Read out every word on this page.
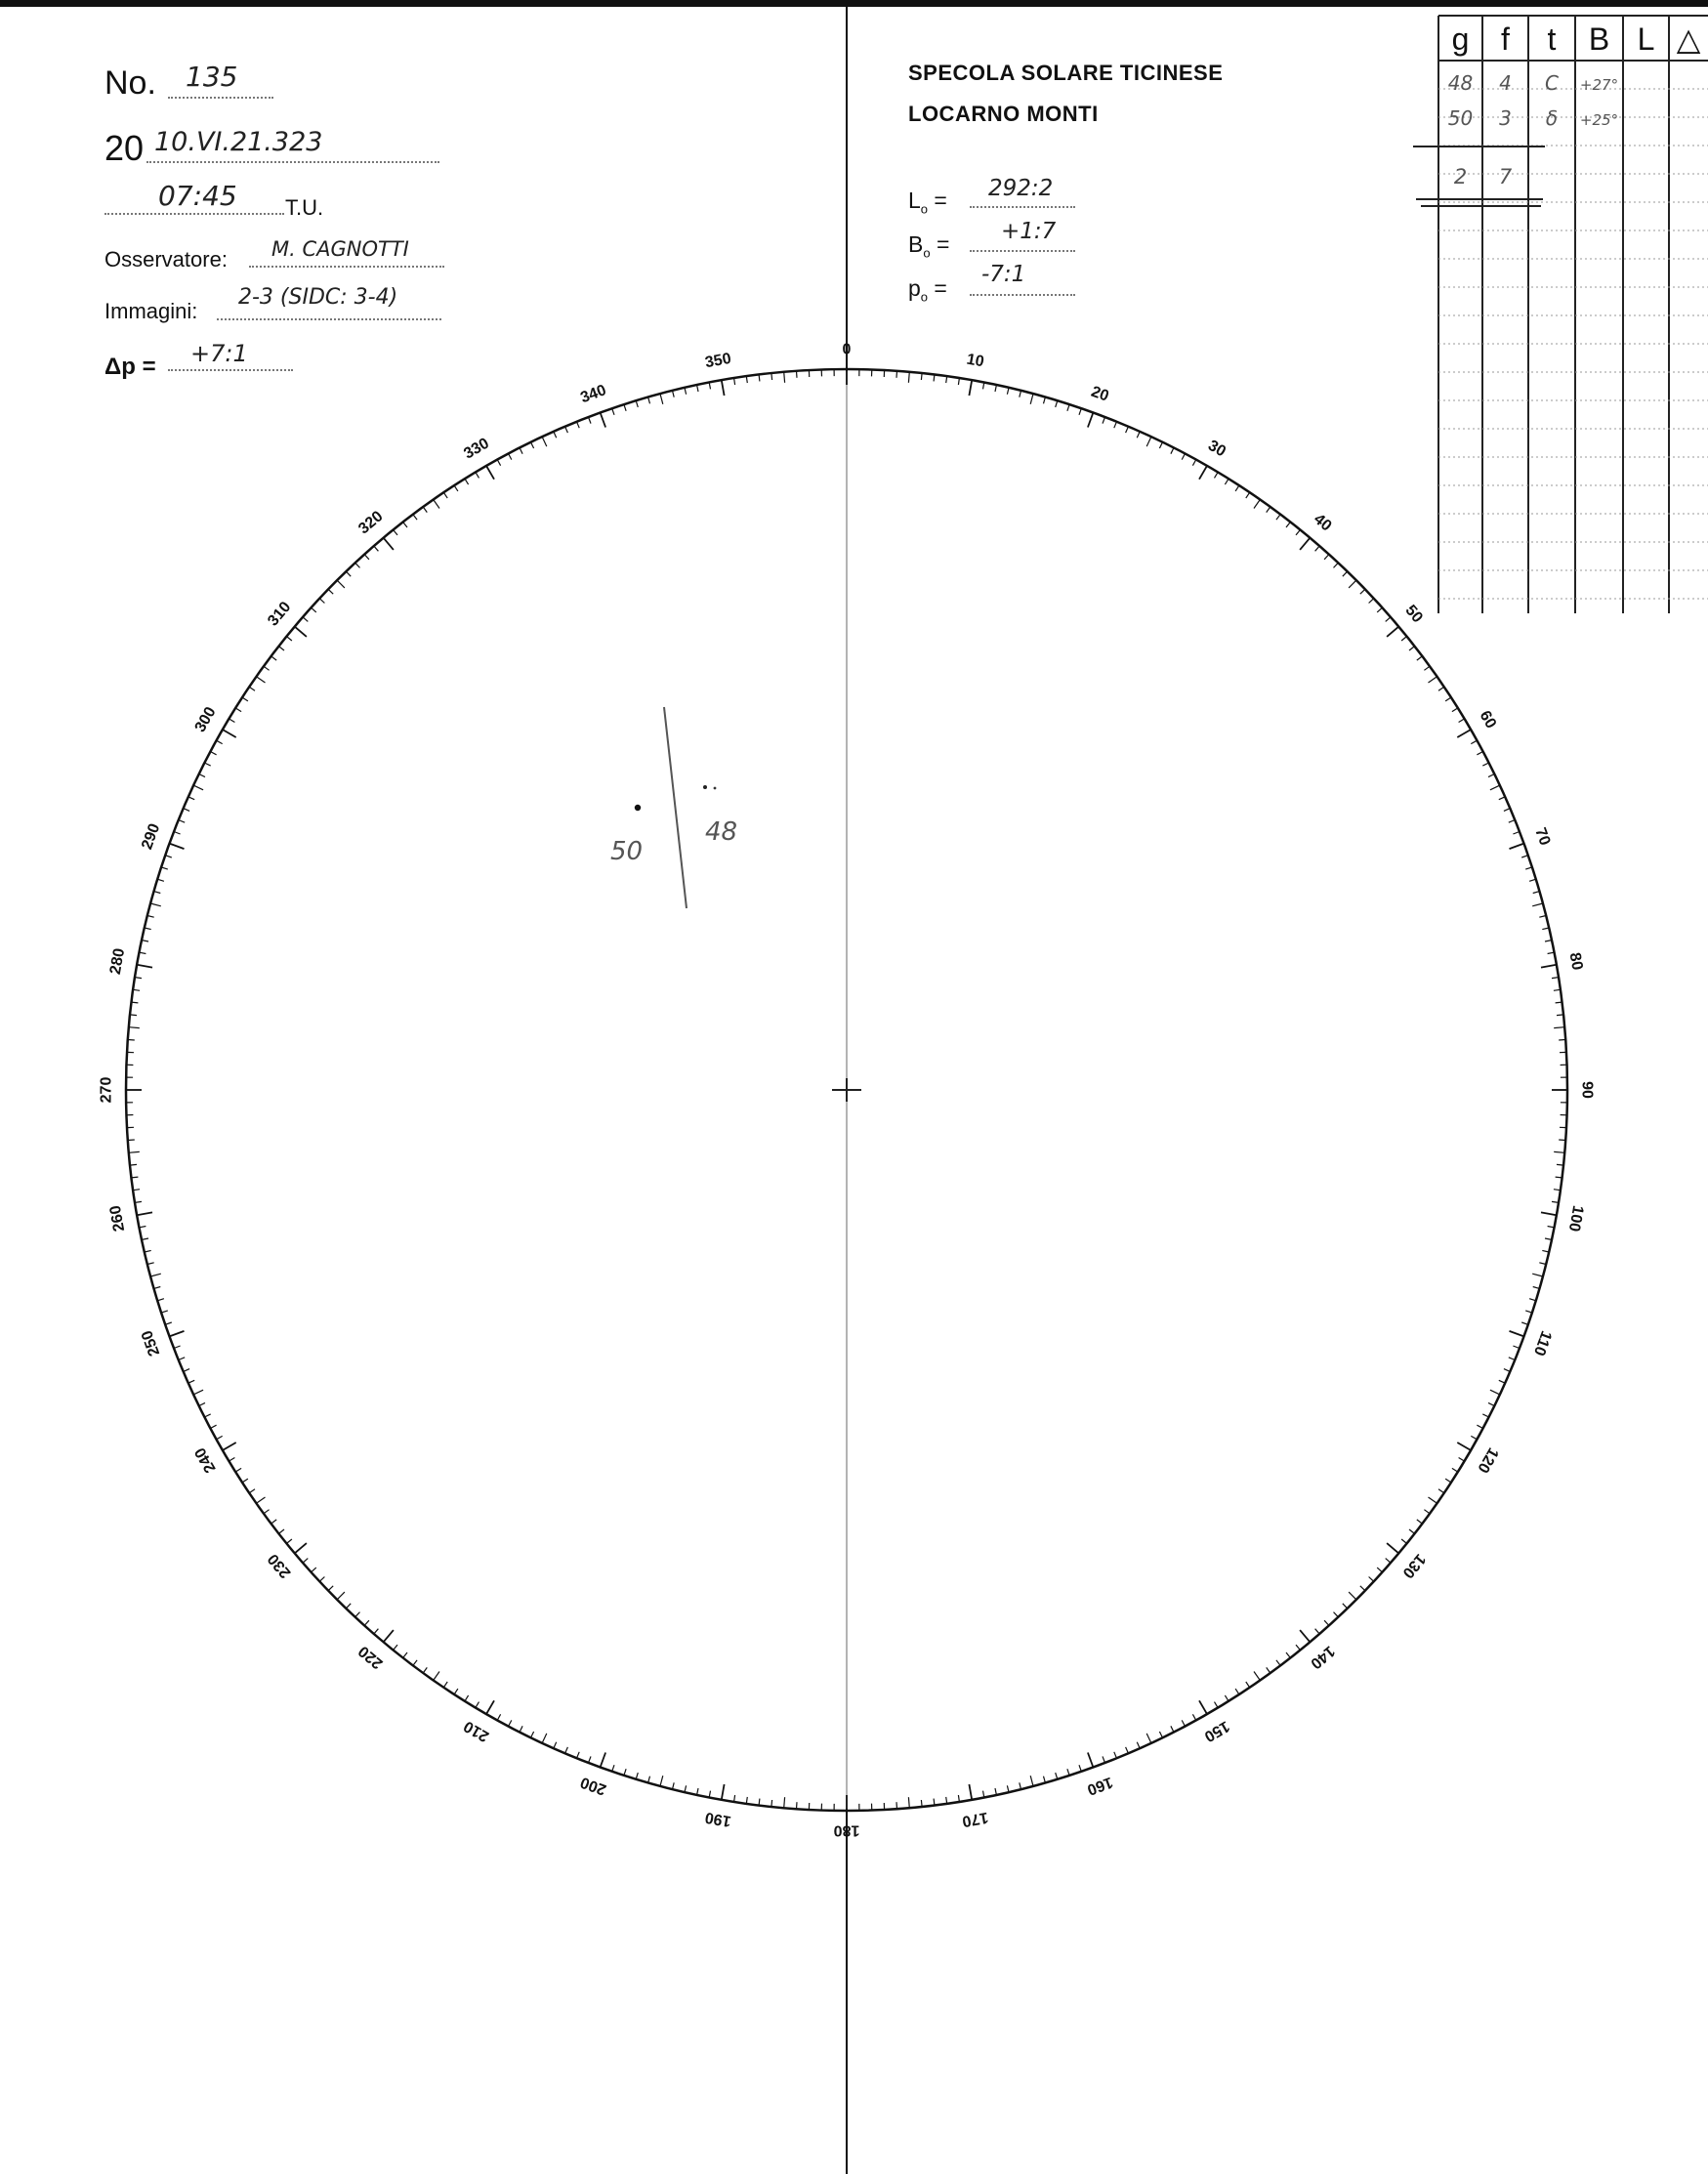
No. 135
20 10.VI.21.323
07:45 T.U.
Osservatore: M. CAGNOTTI
Immagini:
2-3 (SIDC: 3-4)
Δp = +7:1
SPECOLA SOLARE TICINESE
LOCARNO MONTI
$L_o$ = 292:2
$B_o$ = +1:7
$p_o$ =
-7:1
g f t B L △
48 4 C +27°
50 3 δ +25°
2 7
0
10
20
30
40
50
60
70
80
90
100
110
120
130
140
150
160
170
180
190
200
210
220
230
240
250
260
270
280
290
300
310
320
330
340
350
48
50
